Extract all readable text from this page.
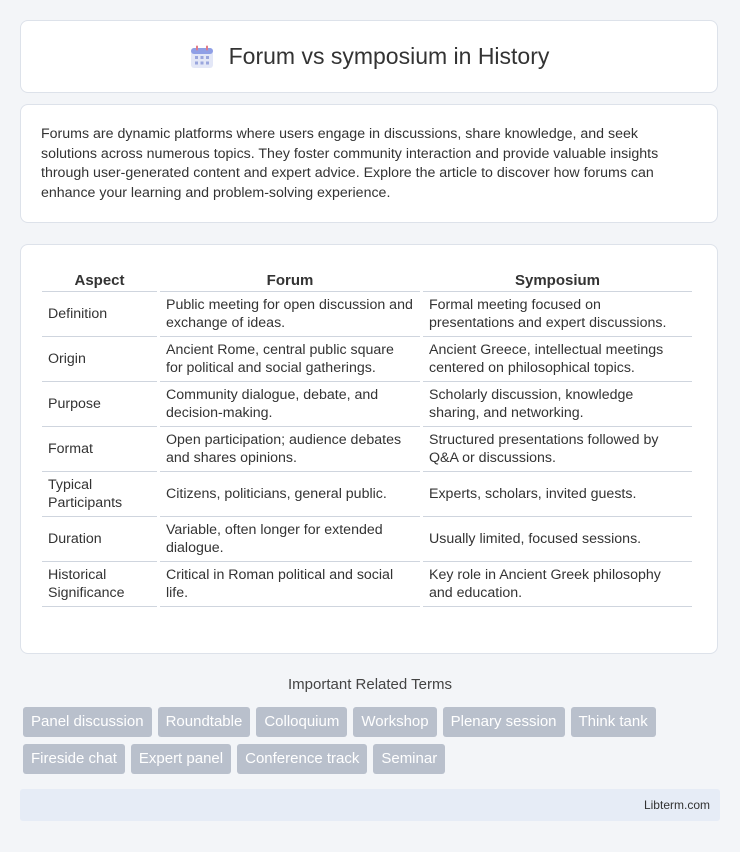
Forum vs symposium in History
Forums are dynamic platforms where users engage in discussions, share knowledge, and seek solutions across numerous topics. They foster community interaction and provide valuable insights through user-generated content and expert advice. Explore the article to discover how forums can enhance your learning and problem-solving experience.
Aspect	Forum	Symposium
Definition	Public meeting for open discussion and exchange of ideas.	Formal meeting focused on presentations and expert discussions.
Origin	Ancient Rome, central public square for political and social gatherings.	Ancient Greece, intellectual meetings centered on philosophical topics.
Purpose	Community dialogue, debate, and decision-making.	Scholarly discussion, knowledge sharing, and networking.
Format	Open participation; audience debates and shares opinions.	Structured presentations followed by Q&A or discussions.
Typical Participants	Citizens, politicians, general public.	Experts, scholars, invited guests.
Duration	Variable, often longer for extended dialogue.	Usually limited, focused sessions.
Historical Significance	Critical in Roman political and social life.	Key role in Ancient Greek philosophy and education.
Important Related Terms
Panel discussion	Roundtable	Colloquium	Workshop	Plenary session	Think tank
Fireside chat	Expert panel	Conference track	Seminar
Libterm.com
